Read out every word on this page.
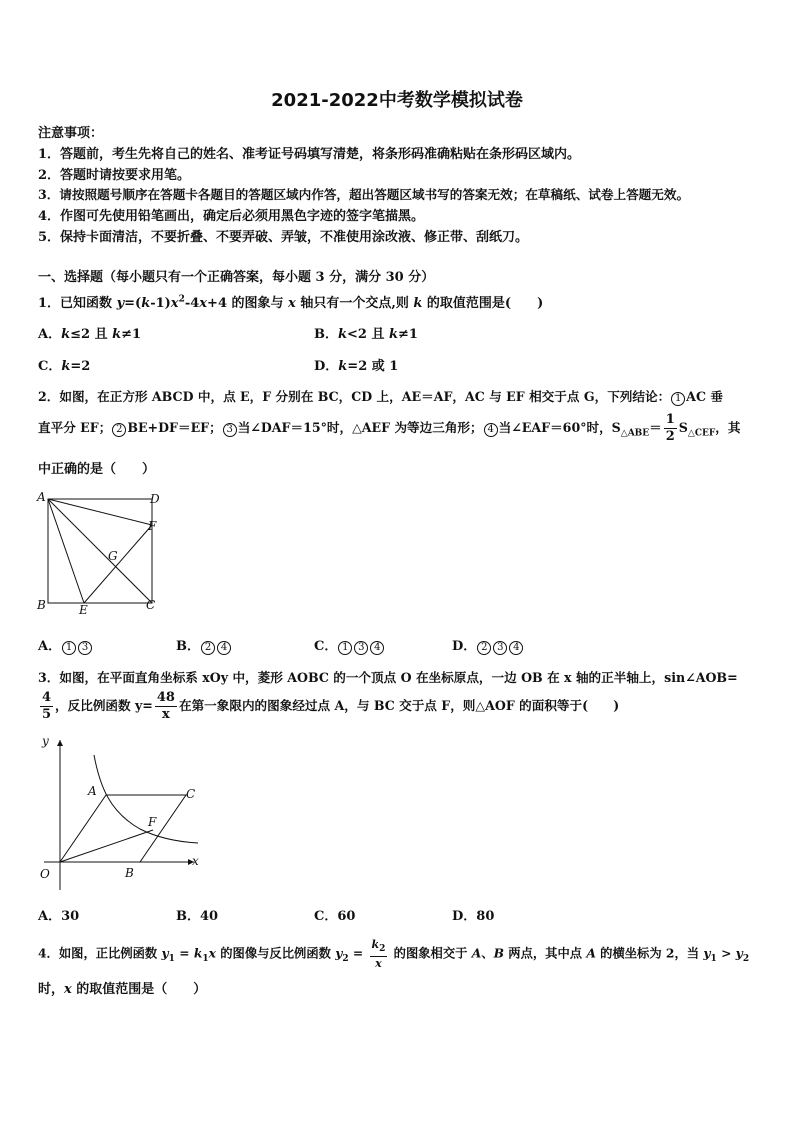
2021-2022中考数学模拟试卷
注意事项：
1．答题前，考生先将自己的姓名、准考证号码填写清楚，将条形码准确粘贴在条形码区域内。
2．答题时请按要求用笔。
3．请按照题号顺序在答题卡各题目的答题区域内作答，超出答题区域书写的答案无效；在草稿纸、试卷上答题无效。
4．作图可先使用铅笔画出，确定后必须用黑色字迹的签字笔描黑。
5．保持卡面清洁，不要折叠、不要弄破、弄皱，不准使用涂改液、修正带、刮纸刀。
一、选择题（每小题只有一个正确答案，每小题 3 分，满分 30 分）
1．已知函数 $y=(k-1)x^2-4x+4$ 的图象与 x 轴只有一个交点,则 k 的取值范围是(　　)
A．k≤2 且 k≠1	B．k<2 且 k≠1
C．k=2	D．k=2 或 1
2．如图，在正方形 ABCD 中，点 E，F 分别在 BC，CD 上，AE＝AF，AC 与 EF 相交于点 G，下列结论： 1 AC 垂
直平分 EF； 2 BE+DF＝EF； 3 当∠DAF＝15°时，△AEF 为等边三角形； 4 当∠EAF＝60°时，$S_{\triangle ABE}= \frac{1}{2} S_{\triangle CEF}$，其
中正确的是（　　）
A	D
F
G
B	E	C
A． 1 3	B． 2 4	C． 1 3 4	D． 2 3 4
3．如图，在平面直角坐标系 xOy 中，菱形 AOBC 的一个顶点 O 在坐标原点，一边 OB 在 x 轴的正半轴上，sin∠AOB=
$\frac{4}{5}$ ，反比例函数 $y= \frac{48}{x}$ 在第一象限内的图象经过点 A，与 BC 交于点 F，则△AOF 的面积等于(　　)
y
x
O
A	C
F
B
A．30	B．40	C．60	D．80
4．如图，正比例函数 $y_1 = k_1x$ 的图像与反比例函数 $y_2 = \frac{k_2}{x}$ 的图象相交于 A、B 两点，其中点 A 的横坐标为 2，当 $y_1 > y_2$
时，x 的取值范围是（　　）
